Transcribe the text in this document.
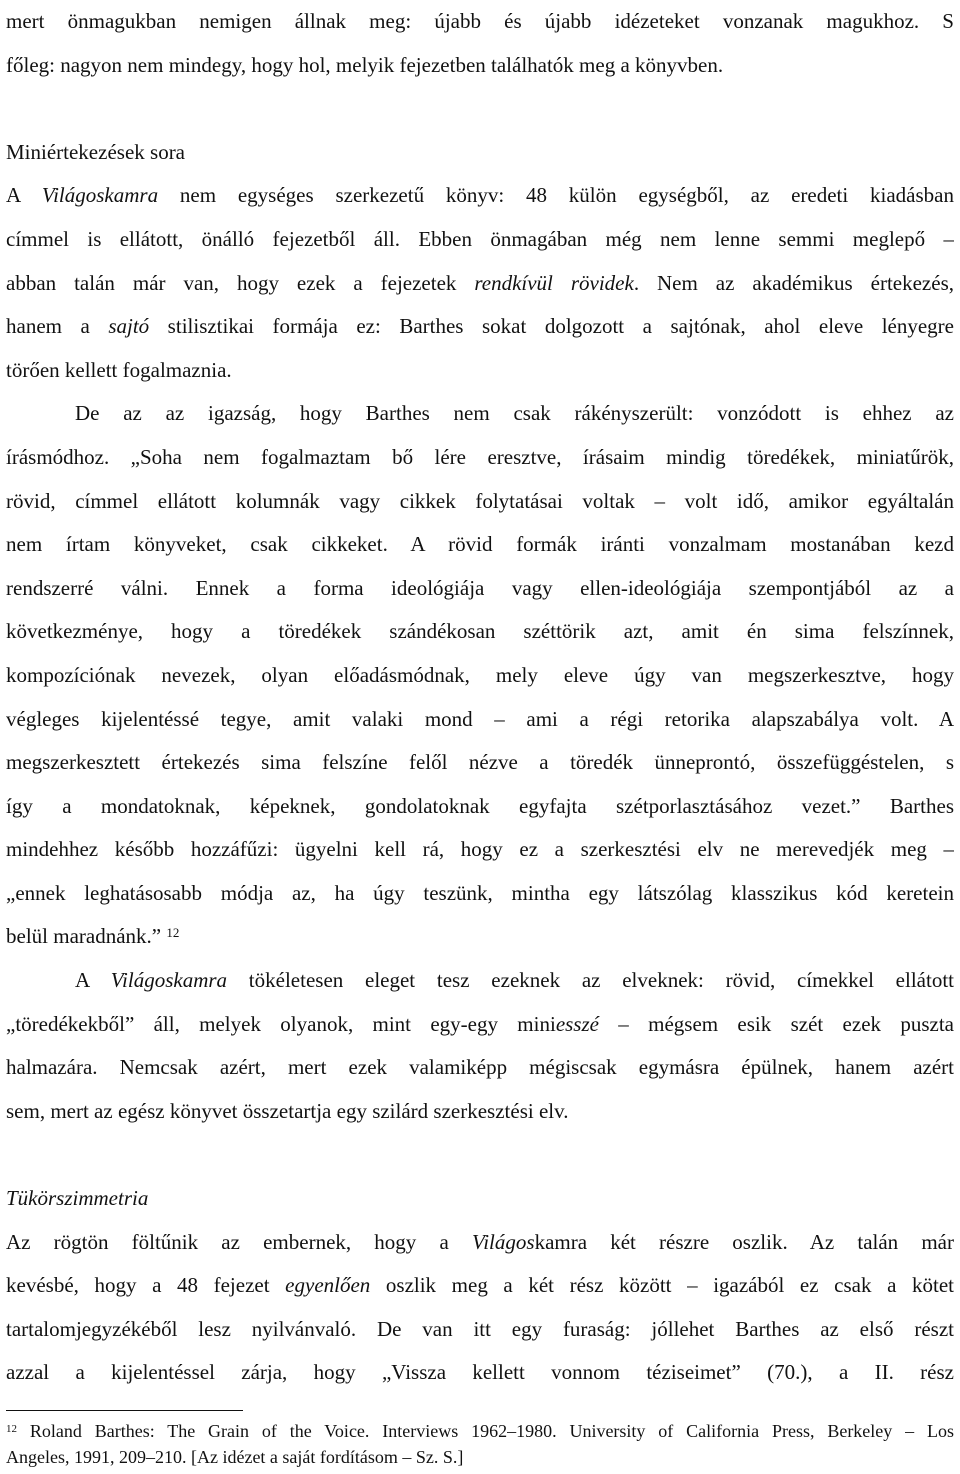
mert önmagukban nemigen állnak meg: újabb és újabb idézeteket vonzanak magukhoz. S
főleg: nagyon nem mindegy, hogy hol, melyik fejezetben találhatók meg a könyvben.
Miniértekezések sora
A Világoskamra nem egységes szerkezetű könyv: 48 külön egységből, az eredeti kiadásban
címmel is ellátott, önálló fejezetből áll. Ebben önmagában még nem lenne semmi meglepő –
abban talán már van, hogy ezek a fejezetek rendkívül rövidek. Nem az akadémikus értekezés,
hanem a sajtó stilisztikai formája ez: Barthes sokat dolgozott a sajtónak, ahol eleve lényegre
törően kellett fogalmaznia.
De az az igazság, hogy Barthes nem csak rákényszerült: vonzódott is ehhez az
írásmódhoz. „Soha nem fogalmaztam bő lére eresztve, írásaim mindig töredékek, miniatűrök,
rövid, címmel ellátott kolumnák vagy cikkek folytatásai voltak – volt idő, amikor egyáltalán
nem írtam könyveket, csak cikkeket. A rövid formák iránti vonzalmam mostanában kezd
rendszerré válni. Ennek a forma ideológiája vagy ellen-ideológiája szempontjából az a
következménye, hogy a töredékek szándékosan széttörik azt, amit én sima felszínnek,
kompozíciónak nevezek, olyan előadásmódnak, mely eleve úgy van megszerkesztve, hogy
végleges kijelentéssé tegye, amit valaki mond – ami a régi retorika alapszabálya volt. A
megszerkesztett értekezés sima felszíne felől nézve a töredék ünneprontó, összefüggéstelen, s
így a mondatoknak, képeknek, gondolatoknak egyfajta szétporlasztásához vezet.” Barthes
mindehhez később hozzáfűzi: ügyelni kell rá, hogy ez a szerkesztési elv ne merevedjék meg –
„ennek leghatásosabb módja az, ha úgy teszünk, mintha egy látszólag klasszikus kód keretein
belül maradnánk.” $^{12}$
A Világoskamra tökéletesen eleget tesz ezeknek az elveknek: rövid, címekkel ellátott
„töredékekből” áll, melyek olyanok, mint egy-egy miniesszé – mégsem esik szét ezek puszta
halmazára. Nemcsak azért, mert ezek valamiképp mégiscsak egymásra épülnek, hanem azért
sem, mert az egész könyvet összetartja egy szilárd szerkesztési elv.
Tükörszimmetria
Az rögtön föltűnik az embernek, hogy a Világoskamra két részre oszlik. Az talán már
kevésbé, hogy a 48 fejezet egyenlően oszlik meg a két rész között – igazából ez csak a kötet
tartalomjegyzékéből lesz nyilvánvaló. De van itt egy furaság: jóllehet Barthes az első részt
azzal a kijelentéssel zárja, hogy „Vissza kellett vonnom téziseimet” (70.), a II. rész
$^{12}$ Roland Barthes: The Grain of the Voice. Interviews 1962–1980. University of California Press, Berkeley – Los
Angeles, 1991, 209–210. [Az idézet a saját fordításom – Sz. S.]
